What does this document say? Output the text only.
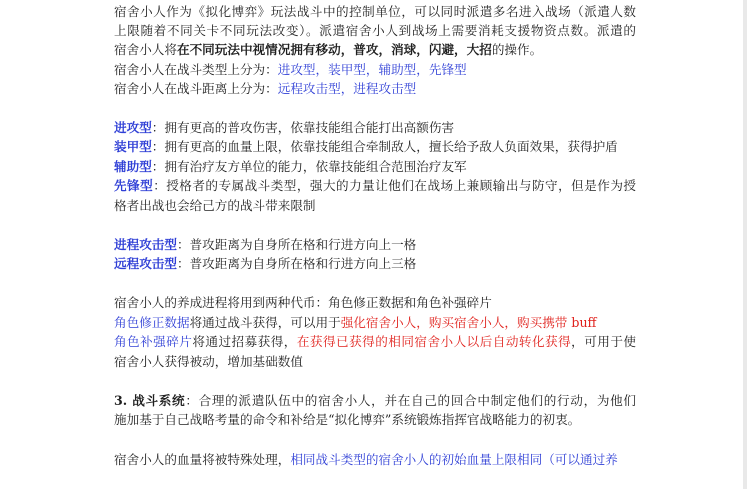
宿舍小人作为《拟化博弈》玩法战斗中的控制单位，可以同时派遣多名进入战场（派遣人数
上限随着不同关卡不同玩法改变）。派遣宿舍小人到战场上需要消耗支援物资点数。派遣的
宿舍小人将在不同玩法中视情况拥有移动，普攻，消球，闪避，大招的操作。
宿舍小人在战斗类型上分为：进攻型，装甲型，辅助型，先锋型
宿舍小人在战斗距离上分为：远程攻击型，进程攻击型
进攻型：拥有更高的普攻伤害，依靠技能组合能打出高额伤害
装甲型：拥有更高的血量上限，依靠技能组合牵制敌人，擅长给予敌人负面效果，获得护盾
辅助型：拥有治疗友方单位的能力，依靠技能组合范围治疗友军
先锋型：授格者的专属战斗类型，强大的力量让他们在战场上兼顾输出与防守，但是作为授
格者出战也会给己方的战斗带来限制
进程攻击型：普攻距离为自身所在格和行进方向上一格
远程攻击型：普攻距离为自身所在格和行进方向上三格
宿舍小人的养成进程将用到两种代币：角色修正数据和角色补强碎片
角色修正数据将通过战斗获得，可以用于强化宿舍小人，购买宿舍小人，购买携带 buff
角色补强碎片将通过招募获得，在获得已获得的相同宿舍小人以后自动转化获得，可用于使
宿舍小人获得被动，增加基础数值
3. 战斗系统：合理的派遣队伍中的宿舍小人，并在自己的回合中制定他们的行动，为他们
施加基于自己战略考量的命令和补给是“拟化博弈”系统锻炼指挥官战略能力的初衷。
宿舍小人的血量将被特殊处理，相同战斗类型的宿舍小人的初始血量上限相同（可以通过养
